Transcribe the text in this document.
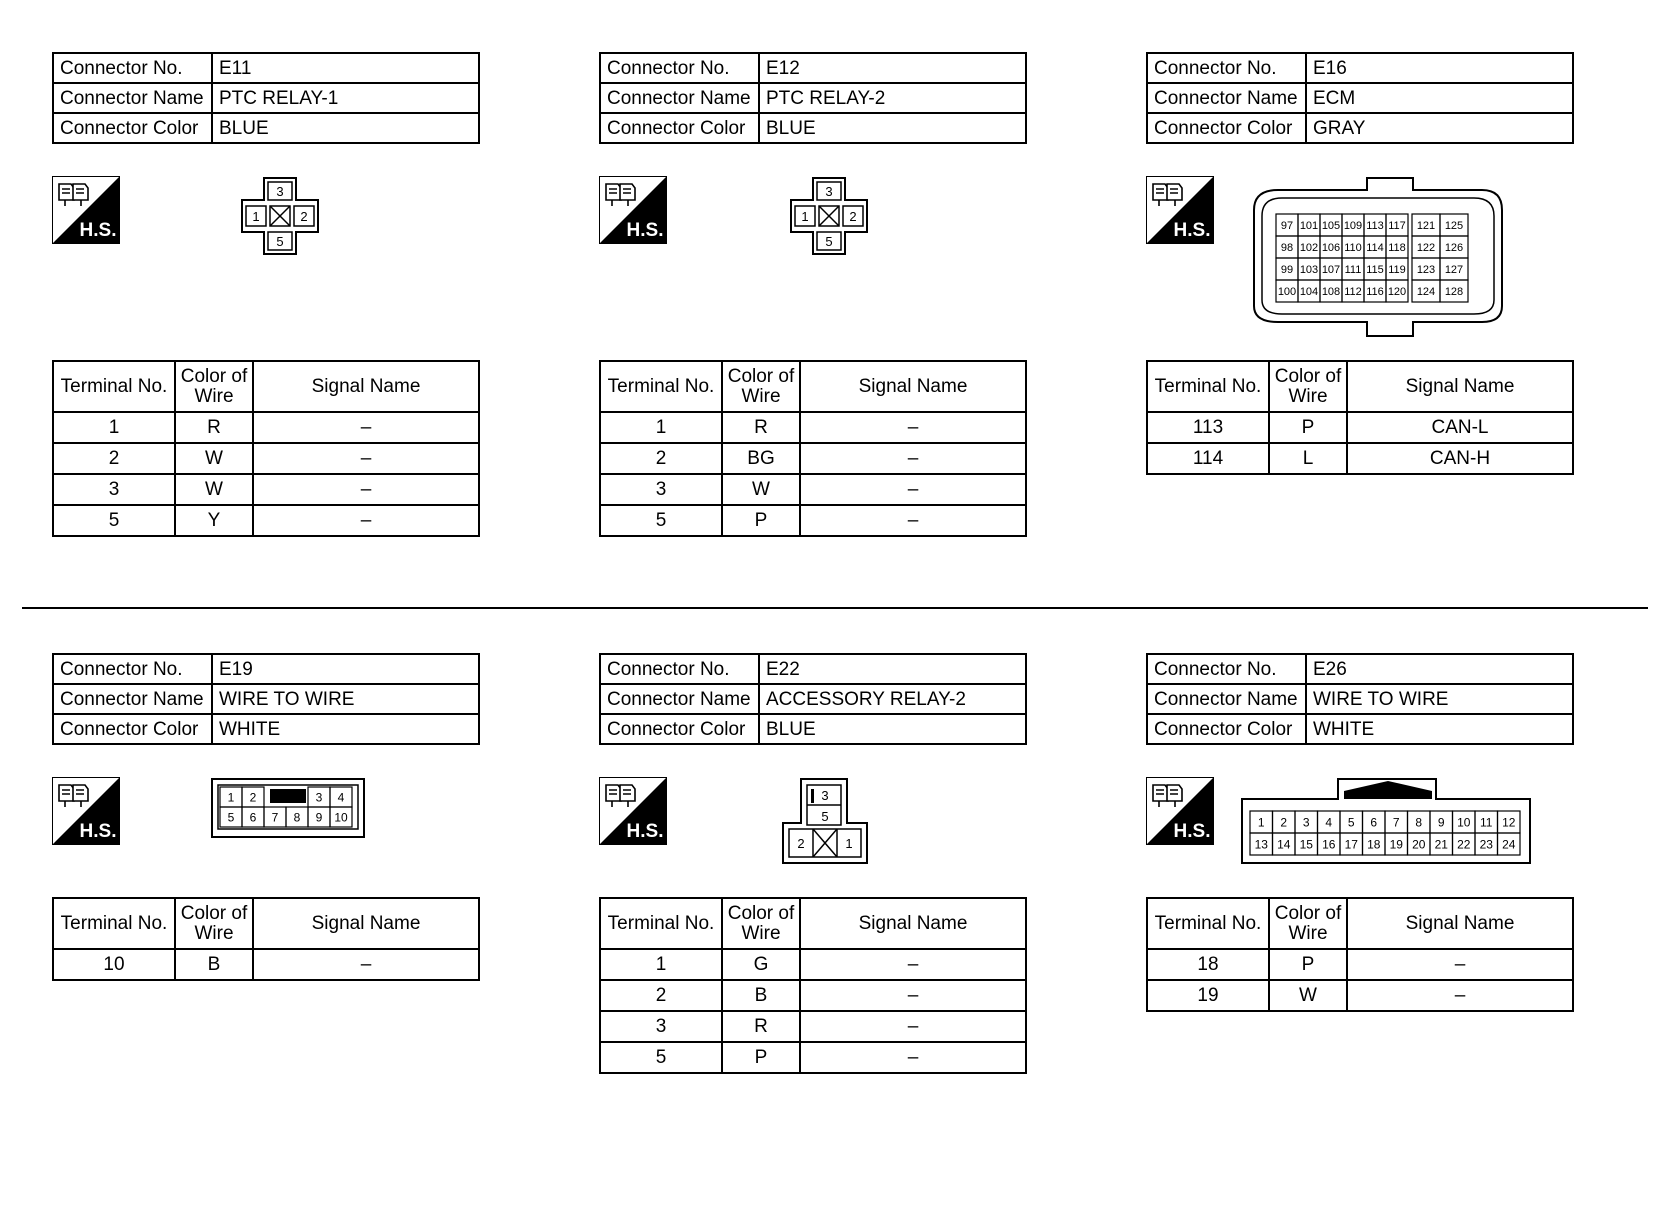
Connector No.	E11
Connector Name	PTC RELAY-1
Connector Color	BLUE
H.S.
3
1	2
5
Terminal No.	Color of
Wire	Signal Name
1	R	–
2	W	–
3	W	–
5	Y	–
Connector No.	E12
Connector Name	PTC RELAY-2
Connector Color	BLUE
H.S.
3
1	2
5
Terminal No.	Color of
Wire	Signal Name
1	R	–
2	BG	–
3	W	–
5	P	–
Connector No.	E16
Connector Name	ECM
Connector Color	GRAY
H.S.	97 101 105 109 113 117 121 125
98 102 106 110 114 118 122 126
99 103 107 111 115 119 123 127
100 104 108 112 116 120 124 128
Terminal No.	Color of
Wire	Signal Name
113	P	CAN-L
114	L	CAN-H
Connector No.	E19
Connector Name	WIRE TO WIRE
Connector Color	WHITE
H.S.
1 2	3 4
5 6 7 8 9 10
Terminal No.	Color of
Wire	Signal Name
10	B	–
Connector No.	E22
Connector Name	ACCESSORY RELAY-2
Connector Color	BLUE
H.S.
3
5
2	1
Terminal No.	Color of
Wire	Signal Name
1	G	–
2	B	–
3	R	–
5	P	–
Connector No.	E26
Connector Name	WIRE TO WIRE
Connector Color	WHITE
H.S.	1 2 3 4 5 6 7 8 9 10 11 12
13 14 15 16 17 18 19 20 21 22 23 24
Terminal No.	Color of
Wire	Signal Name
18	P	–
19	W	–
